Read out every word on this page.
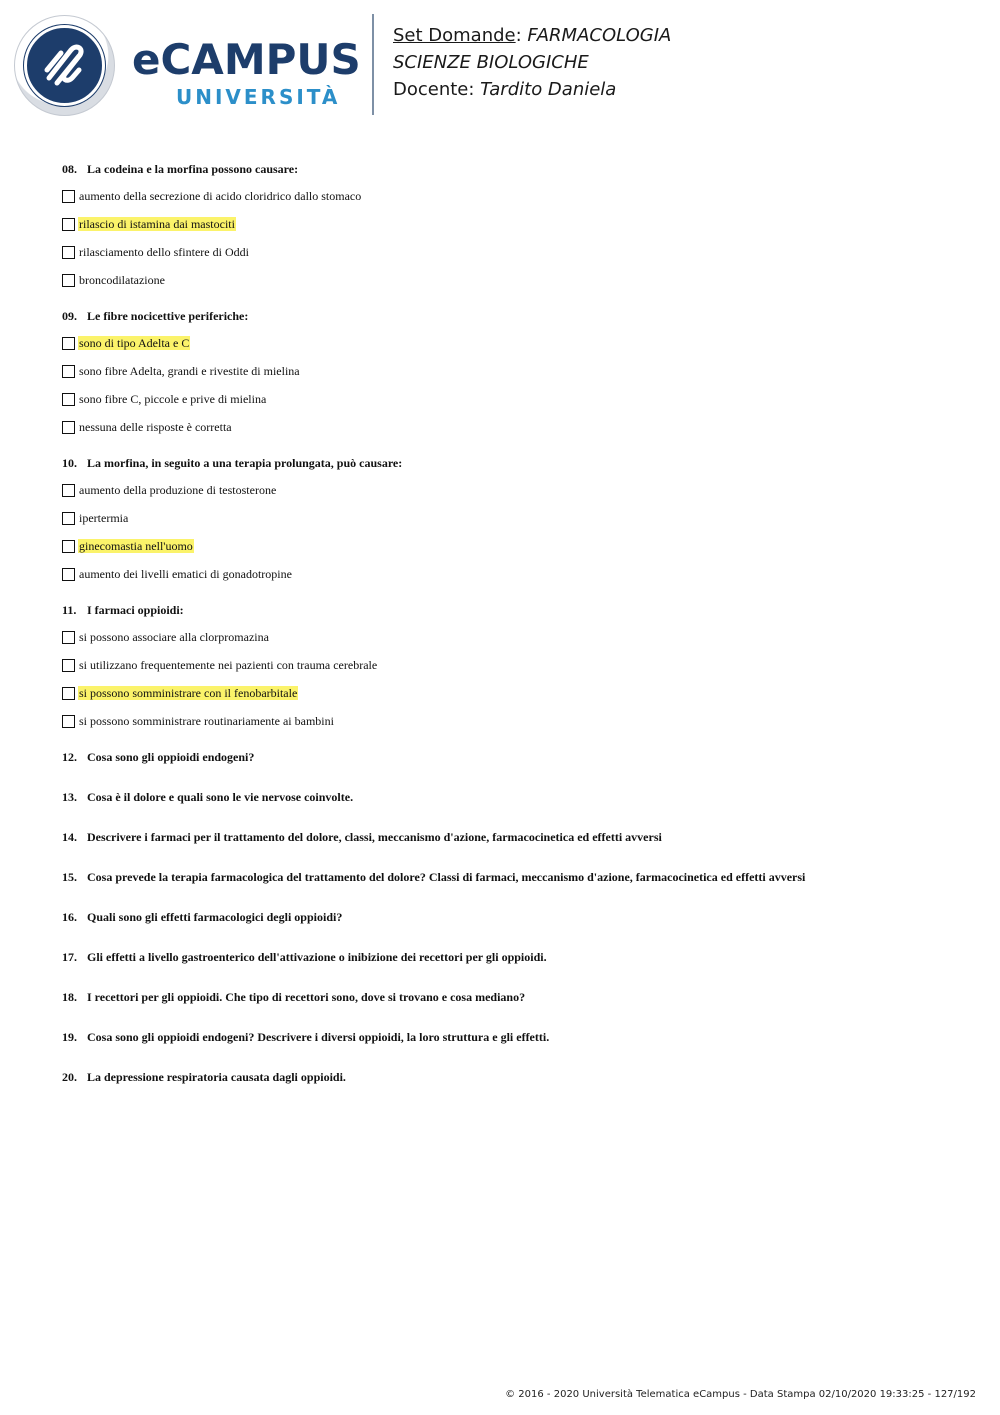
eCAMPUS
UNIVERSITÀ
Set Domande: FARMACOLOGIA
SCIENZE BIOLOGICHE
Docente: Tardito Daniela

08. La codeina e la morfina possono causare:

aumento della secrezione di acido cloridrico dallo stomaco
rilascio di istamina dai mastociti
rilasciamento dello sfintere di Oddi
broncodilatazione

09. Le fibre nocicettive periferiche:

sono di tipo Adelta e C
sono fibre Adelta, grandi e rivestite di mielina
sono fibre C, piccole e prive di mielina
nessuna delle risposte è corretta

10. La morfina, in seguito a una terapia prolungata, può causare:

aumento della produzione di testosterone
ipertermia
ginecomastia nell'uomo
aumento dei livelli ematici di gonadotropine

11. I farmaci oppioidi:

si possono associare alla clorpromazina
si utilizzano frequentemente nei pazienti con trauma cerebrale
si possono somministrare con il fenobarbitale
si possono somministrare routinariamente ai bambini

12. Cosa sono gli oppioidi endogeni?

13. Cosa è il dolore e quali sono le vie nervose coinvolte.

14. Descrivere i farmaci per il trattamento del dolore, classi, meccanismo d'azione, farmacocinetica ed effetti avversi

15. Cosa prevede la terapia farmacologica del trattamento del dolore? Classi di farmaci, meccanismo d'azione, farmacocinetica ed effetti avversi

16. Quali sono gli effetti farmacologici degli oppioidi?

17. Gli effetti a livello gastroenterico dell'attivazione o inibizione dei recettori per gli oppioidi.

18. I recettori per gli oppioidi. Che tipo di recettori sono, dove si trovano e cosa mediano?

19. Cosa sono gli oppioidi endogeni? Descrivere i diversi oppioidi, la loro struttura e gli effetti.

20. La depressione respiratoria causata dagli oppioidi.

© 2016 - 2020 Università Telematica eCampus - Data Stampa 02/10/2020 19:33:25 - 127/192
